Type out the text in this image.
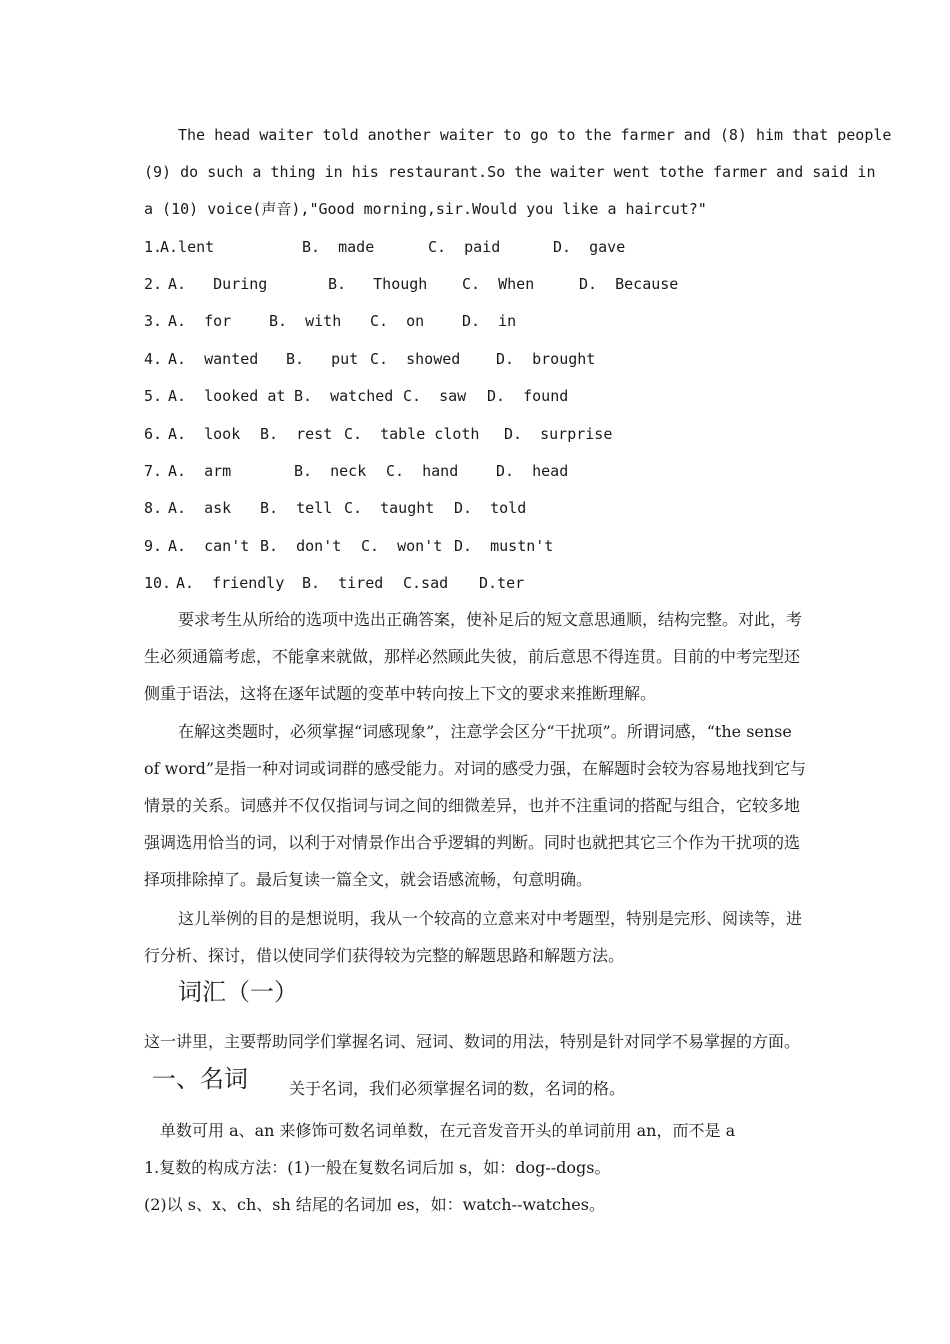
The head waiter told another waiter to go to the farmer and (8) him that people
(9) do such a thing in his restaurant.So the waiter went tothe farmer and said in
a (10) voice(声音),"Good morning,sir.Would you like a haircut?"
1.
A.lent	B.  made	C.  paid	D.  gave
2. A.   During	B.   Though C.  When	D.  Because
3. A.  for	B.  with C.  on	D.  in
4. A.  wanted B.   put C.  showed D.  brought
5. A.  looked at B.  watched C.  saw D.  found
6. A.  look B.  rest C.  table cloth D.  surprise
7. A.  arm	B.  neck C.  hand	D.  head
8. A.  ask B.  tell C.  taught D.  told
9. A.  can't B.  don't C.  won't D.  mustn't
10. A.  friendly B.  tired C.sad D.ter
要求考生从所给的选项中选出正确答案，使补足后的短文意思通顺，结构完整。对此，考生必须通篇考虑，不能拿来就做，那样必然顾此失彼，前后意思不得连贯。目前的中考完型还侧重于语法，这将在逐年试题的变革中转向按上下文的要求来推断理解。
在解这类题时，必须掌握“词感现象”，注意学会区分“干扰项”。所谓词感，“the sense of word”是指一种对词或词群的感受能力。对词的感受力强，在解题时会较为容易地找到它与情景的关系。词感并不仅仅指词与词之间的细微差异，也并不注重词的搭配与组合，它较多地强调选用恰当的词，以利于对情景作出合乎逻辑的判断。同时也就把其它三个作为干扰项的选择项排除掉了。最后复读一篇全文，就会语感流畅，句意明确。
这儿举例的目的是想说明，我从一个较高的立意来对中考题型，特别是完形、阅读等，进行分析、探讨，借以使同学们获得较为完整的解题思路和解题方法。
词汇（一）
这一讲里，主要帮助同学们掌握名词、冠词、数词的用法，特别是针对同学不易掌握的方面。
一、名词	关于名词，我们必须掌握名词的数，名词的格。
单数可用 a、an 来修饰可数名词单数，在元音发音开头的单词前用 an，而不是 a
1.复数的构成方法：(1)一般在复数名词后加 s，如：dog--dogs。
(2)以 s、x、ch、sh 结尾的名词加 es，如：watch--watches。
